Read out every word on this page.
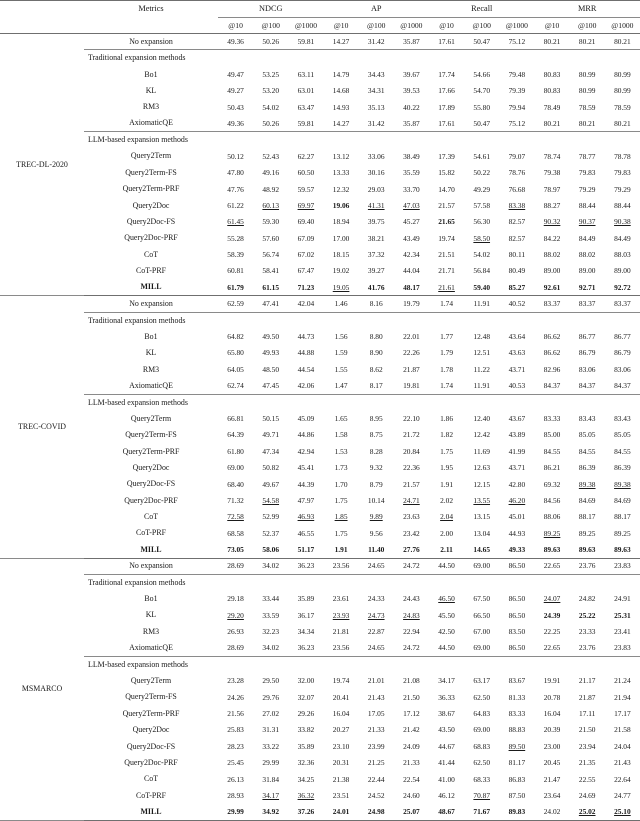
	Metrics	NDCG			AP			Recall			MRR		
		@10	@100	@1000	@10	@100	@1000	@10	@100	@1000	@10	@100	@1000
TREC-DL-2020	No expansion	49.36	50.26	59.81	14.27	31.42	35.87	17.61	50.47	75.12	80.21	80.21	80.21
	Traditional expansion methods												
	Bo1	49.47	53.25	63.11	14.79	34.43	39.67	17.74	54.66	79.48	80.83	80.99	80.99
	KL	49.27	53.20	63.01	14.68	34.31	39.53	17.66	54.70	79.39	80.83	80.99	80.99
	RM3	50.43	54.02	63.47	14.93	35.13	40.22	17.89	55.80	79.94	78.49	78.59	78.59
	AxiomaticQE	49.36	50.26	59.81	14.27	31.42	35.87	17.61	50.47	75.12	80.21	80.21	80.21
	LLM-based expansion methods												
	Query2Term	50.12	52.43	62.27	13.12	33.06	38.49	17.39	54.61	79.07	78.74	78.77	78.78
	Query2Term-FS	47.80	49.16	60.50	13.33	30.16	35.59	15.82	50.22	78.76	79.38	79.83	79.83
	Query2Term-PRF	47.76	48.92	59.57	12.32	29.03	33.70	14.70	49.29	76.68	78.97	79.29	79.29
	Query2Doc	61.22	60.13	69.97	19.06	41.31	47.03	21.57	57.58	83.38	88.27	88.44	88.44
	Query2Doc-FS	61.45	59.30	69.40	18.94	39.75	45.27	21.65	56.30	82.57	90.32	90.37	90.38
	Query2Doc-PRF	55.28	57.60	67.09	17.00	38.21	43.49	19.74	58.50	82.57	84.22	84.49	84.49
	CoT	58.39	56.74	67.02	18.15	37.32	42.34	21.51	54.02	80.11	88.02	88.02	88.03
	CoT-PRF	60.81	58.41	67.47	19.02	39.27	44.04	21.71	56.84	80.49	89.00	89.00	89.00
	MILL	61.79	61.15	71.23	19.05	41.76	48.17	21.61	59.40	85.27	92.61	92.71	92.72
TREC-COVID	No expansion	62.59	47.41	42.04	1.46	8.16	19.79	1.74	11.91	40.52	83.37	83.37	83.37
	Traditional expansion methods												
	Bo1	64.82	49.50	44.73	1.56	8.80	22.01	1.77	12.48	43.64	86.62	86.77	86.77
	KL	65.80	49.93	44.88	1.59	8.90	22.26	1.79	12.51	43.63	86.62	86.79	86.79
	RM3	64.05	48.50	44.54	1.55	8.62	21.87	1.78	11.22	43.71	82.96	83.06	83.06
	AxiomaticQE	62.74	47.45	42.06	1.47	8.17	19.81	1.74	11.91	40.53	84.37	84.37	84.37
	LLM-based expansion methods												
	Query2Term	66.81	50.15	45.09	1.65	8.95	22.10	1.86	12.40	43.67	83.33	83.43	83.43
	Query2Term-FS	64.39	49.71	44.86	1.58	8.75	21.72	1.82	12.42	43.89	85.00	85.05	85.05
	Query2Term-PRF	61.80	47.34	42.94	1.53	8.28	20.84	1.75	11.69	41.99	84.55	84.55	84.55
	Query2Doc	69.00	50.82	45.41	1.73	9.32	22.36	1.95	12.63	43.71	86.21	86.39	86.39
	Query2Doc-FS	68.40	49.67	44.39	1.70	8.79	21.57	1.91	12.15	42.80	69.32	89.38	89.38
	Query2Doc-PRF	71.32	54.58	47.97	1.75	10.14	24.71	2.02	13.55	46.20	84.56	84.69	84.69
	CoT	72.58	52.99	46.93	1.85	9.89	23.63	2.04	13.15	45.01	88.06	88.17	88.17
	CoT-PRF	68.58	52.37	46.55	1.75	9.56	23.42	2.00	13.04	44.93	89.25	89.25	89.25
	MILL	73.05	58.06	51.17	1.91	11.40	27.76	2.11	14.65	49.33	89.63	89.63	89.63
MSMARCO	No expansion	28.69	34.02	36.23	23.56	24.65	24.72	44.50	69.00	86.50	22.65	23.76	23.83
	Traditional expansion methods												
	Bo1	29.18	33.44	35.89	23.61	24.33	24.43	46.50	67.50	86.50	24.07	24.82	24.91
	KL	29.20	33.59	36.17	23.93	24.73	24.83	45.50	66.50	86.50	24.39	25.22	25.31
	RM3	26.93	32.23	34.34	21.81	22.87	22.94	42.50	67.00	83.50	22.25	23.33	23.41
	AxiomaticQE	28.69	34.02	36.23	23.56	24.65	24.72	44.50	69.00	86.50	22.65	23.76	23.83
	LLM-based expansion methods												
	Query2Term	23.28	29.50	32.00	19.74	21.01	21.08	34.17	63.17	83.67	19.91	21.17	21.24
	Query2Term-FS	24.26	29.76	32.07	20.41	21.43	21.50	36.33	62.50	81.33	20.78	21.87	21.94
	Query2Term-PRF	21.56	27.02	29.26	16.04	17.05	17.12	38.67	64.83	83.33	16.04	17.11	17.17
	Query2Doc	25.83	31.31	33.82	20.27	21.33	21.42	43.50	69.00	88.83	20.39	21.50	21.58
	Query2Doc-FS	28.23	33.22	35.89	23.10	23.99	24.09	44.67	68.83	89.50	23.00	23.94	24.04
	Query2Doc-PRF	25.45	29.99	32.36	20.31	21.25	21.33	41.44	62.50	81.17	20.45	21.35	21.43
	CoT	26.13	31.84	34.25	21.38	22.44	22.54	41.00	68.33	86.83	21.47	22.55	22.64
	CoT-PRF	28.93	34.17	36.32	23.51	24.52	24.60	46.12	70.87	87.50	23.64	24.69	24.77
	MILL	29.99	34.92	37.26	24.01	24.98	25.07	48.67	71.67	89.83	24.02	25.02	25.10
